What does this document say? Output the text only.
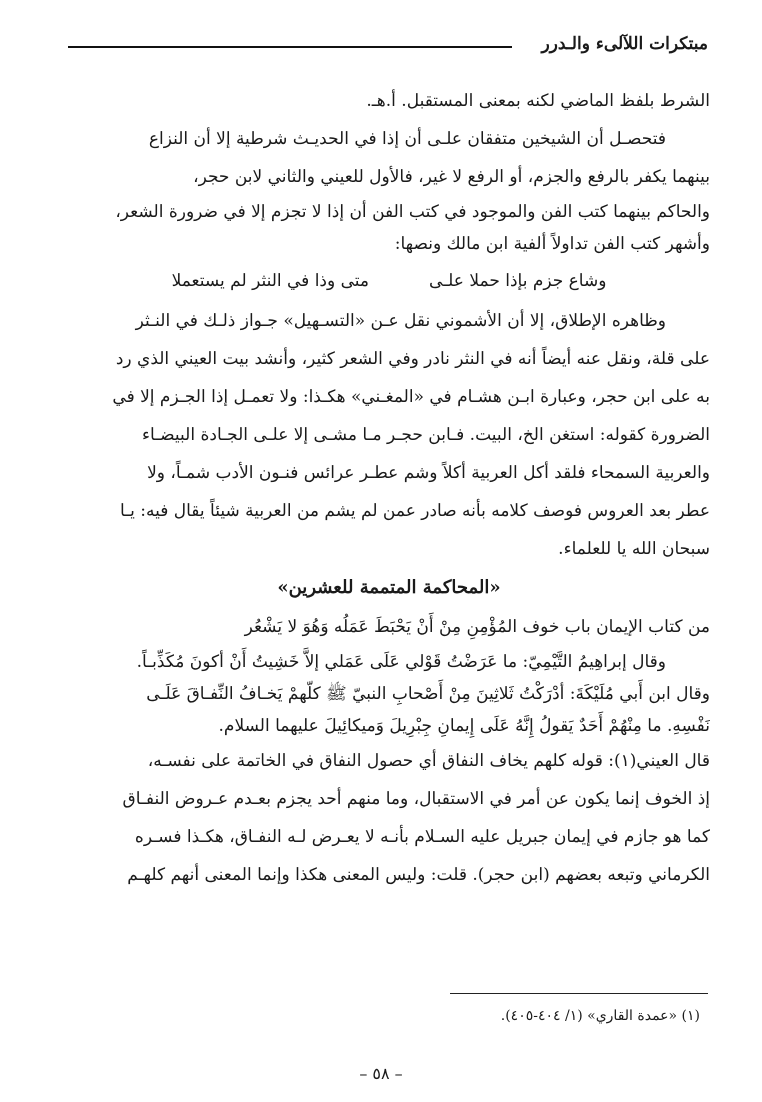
مبتكرات اللآلىء والـدرر
الشرط بلفظ الماضي لكنه بمعنى المستقبل. أ.هـ.
فتحصـل أن الشيخين متفقان علـى أن إذا في الحديـث شرطية إلا أن النزاع
بينهما يكفر بالرفع والجزم، أو الرفع لا غير، فالأول للعيني والثاني لابن حجر،
والحاكم بينهما كتب الفن والموجود في كتب الفن أن إذا لا تجزم إلا في ضرورة الشعر،
وأشهر كتب الفن تداولاً ألفية ابن مالك ونصها:
وشاع جزم بإذا حملا علـى
متى وذا في النثر لم يستعملا
وظاهره الإطلاق، إلا أن الأشموني نقل عـن «التسـهيل» جـواز ذلـك في النـثر
على قلة، ونقل عنه أيضاً أنه في النثر نادر وفي الشعر كثير، وأنشد بيت العيني الذي رد
به على ابن حجر، وعبارة ابـن هشـام في «المغـني» هكـذا: ولا تعمـل إذا الجـزم إلا في
الضرورة كقوله: استغن الخ، البيت. فـابن حجـر مـا مشـى إلا علـى الجـادة البيضـاء
والعربية السمحاء فلقد أكل العربية أكلاً وشم عطـر عرائس فنـون الأدب شمـاً، ولا
عطر بعد العروس فوصف كلامه بأنه صادر عمن لم يشم من العربية شيئاً يقال فيه: يـا
سبحان الله يا للعلماء.
«المحاكمة المتممة للعشرين»
من كتاب الإيمان باب خوف المُؤْمِنِ مِنْ أَنْ يَحْبَطَ عَمَلُه وَهُوَ لا يَشْعُر
وقال إبراهِيمُ التَّيْمِيّ: ما عَرَضْتُ قَوْلي عَلَى عَمَلي إلاَّ خَشِيتُ أَنْ أكونَ مُكَذِّبـاً.
وقال ابن أَبي مُلَيْكَةَ: أدْرَكْتُ ثَلاثِينَ مِنْ أَصْحابِ النبيّ ﷺ كلّهمْ يَخـافُ النِّفـاقَ عَلَـى
نَفْسِهِ. ما مِنْهُمْ أَحَدٌ يَقولُ إِنَّهُ عَلَى إِيمانِ جِبْرِيلَ وَميكائِيلَ عليهما السلام.
قال العيني(١): قوله كلهم يخاف النفاق أي حصول النفاق في الخاتمة على نفسـه،
إذ الخوف إنما يكون عن أمر في الاستقبال، وما منهم أحد يجزم بعـدم عـروض النفـاق
كما هو جازم في إيمان جبريل عليه السـلام بأنـه لا يعـرض لـه النفـاق، هكـذا فسـره
الكرماني وتبعه بعضهم (ابن حجر). قلت: وليس المعنى هكذا وإنما المعنى أنهم كلهـم
(١) «عمدة القاري» (١/ ٤٠٤-٤٠٥).
– ٥٨ –
